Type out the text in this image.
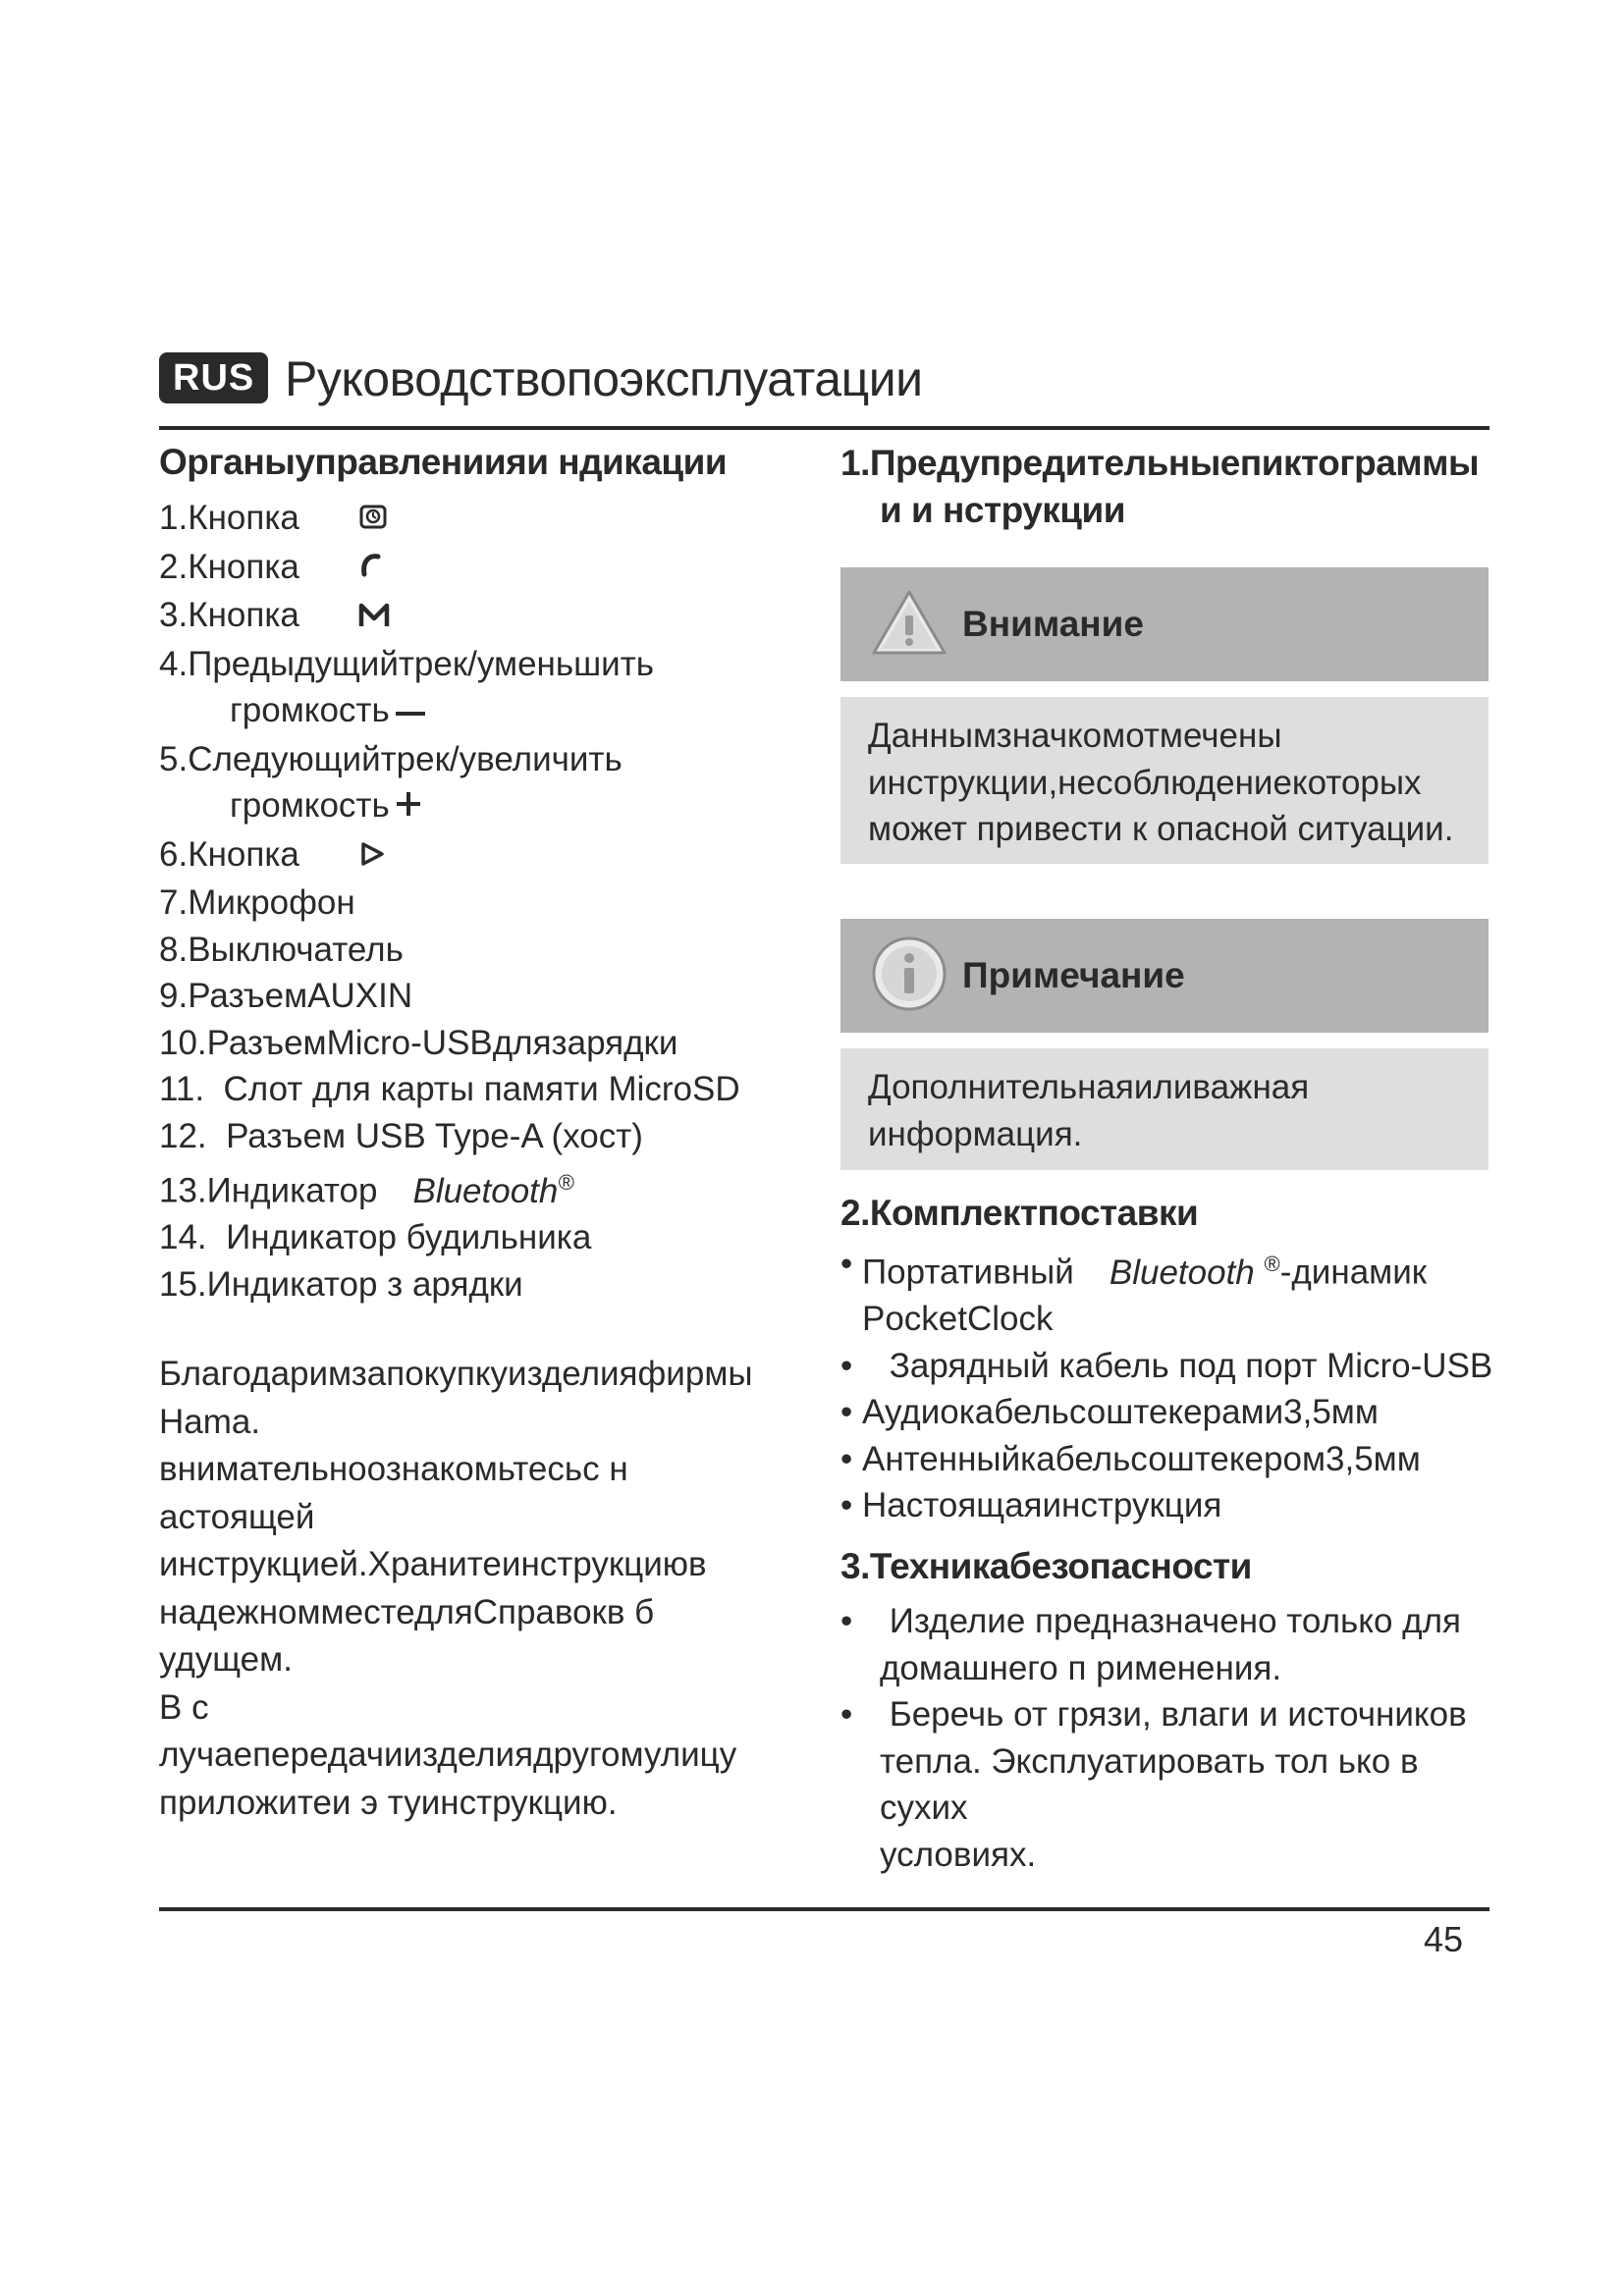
RUS Руководствопоэксплуатации
Органыуправлениияи ндикации
1.Кнопка
2.Кнопка
3.Кнопка
4.Предыдущийтрек/уменьшить
громкость
5.Следующийтрек/увеличить
громкость
6.Кнопка
7.Микрофон
8.Выключатель
9.РазъемAUXIN
10.РазъемMicro-USBдлязарядки
11.  Слот для карты памяти MicroSD
12.  Разъем USB Type-A (хост)
13.Индикатор Bluetooth®
14.  Индикатор будильника
15.Индикатор з арядки

Благодаримзапокупкуизделияфирмы

Hama.

внимательноознакомьтесьс н астоящей

инструкцией.Хранитеинструкциюв

надежномместедляСправокв б удущем.

В с лучаепередачиизделиядругомулицу

приложитеи э туинструкцию.

1.Предупредительныепиктограммы
и и нструкции
Внимание
Даннымзначкомотмечены
инструкции,несоблюдениекоторых
может привести к опасной ситуации.
Примечание
Дополнительнаяиливажная
информация.
2.Комплектпоставки
• Портативный Bluetooth ®-динамик
PocketClock
•  Зарядный кабель под порт Micro-USB
• Аудиокабельсоштекерами3,5мм
• Антенныйкабельсоштекером3,5мм
• Настоящаяинструкция
3.Техникабезопасности
•  Изделие предназначено только для
домашнего п рименения.
•  Беречь от грязи, влаги и источников
тепла. Эксплуатировать тол ько в сухих
условиях.
45
